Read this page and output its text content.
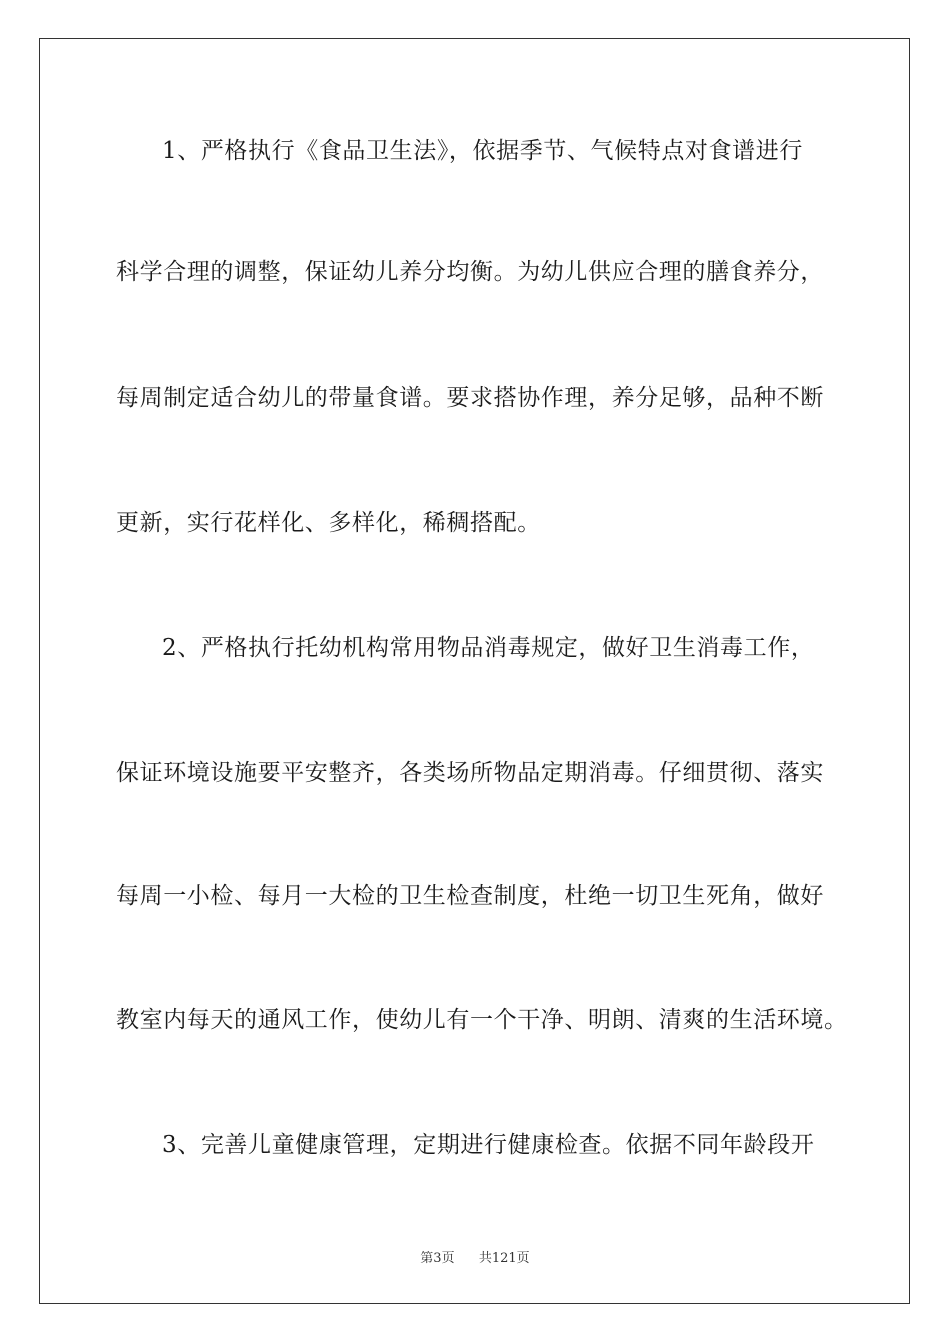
1、严格执行《食品卫生法》，依据季节、气候特点对食谱进行
科学合理的调整，保证幼儿养分均衡。为幼儿供应合理的膳食养分，
每周制定适合幼儿的带量食谱。要求搭协作理，养分足够，品种不断
更新，实行花样化、多样化，稀稠搭配。
2、严格执行托幼机构常用物品消毒规定，做好卫生消毒工作，
保证环境设施要平安整齐，各类场所物品定期消毒。仔细贯彻、落实
每周一小检、每月一大检的卫生检查制度，杜绝一切卫生死角，做好
教室内每天的通风工作，使幼儿有一个干净、明朗、清爽的生活环境。
3、完善儿童健康管理，定期进行健康检查。依据不同年龄段开
第3页 共121页
